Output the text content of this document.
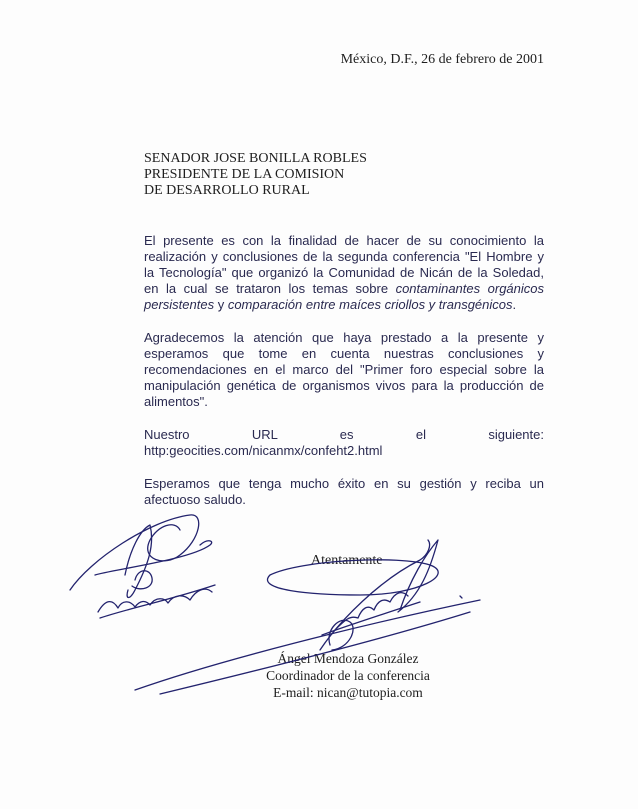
México, D.F., 26 de febrero de 2001
SENADOR JOSE BONILLA ROBLES
PRESIDENTE DE LA COMISION
DE DESARROLLO RURAL

El presente es con la finalidad de hacer de su conocimiento la realización y conclusiones de la segunda conferencia "El Hombre y la Tecnología" que organizó la Comunidad de Nicán de la Soledad, en la cual se trataron los temas sobre contaminantes orgánicos persistentes y comparación entre maíces criollos y transgénicos.

Agradecemos la atención que haya prestado a la presente y esperamos que tome en cuenta nuestras conclusiones y recomendaciones en el marco del "Primer foro especial sobre la manipulación genética de organismos vivos para la producción de alimentos".

Nuestro URL es el siguiente: http:geocities.com/nicanmx/confeht2.html

Esperamos que tenga mucho éxito en su gestión y reciba un afectuoso saludo.

Atentamente
Ángel Mendoza González
Coordinador de la conferencia
E-mail: nican@tutopia.com
